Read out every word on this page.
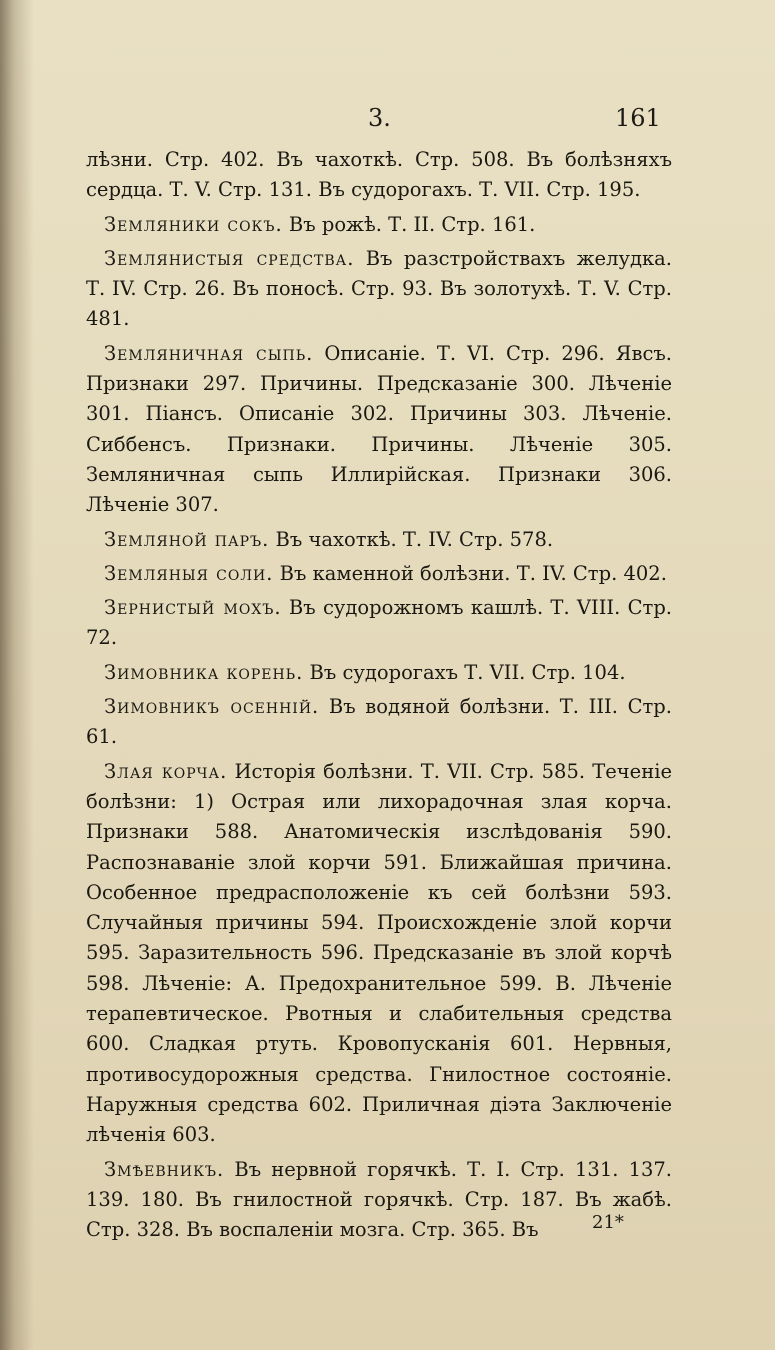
3.	161

лѣзни. Стр. 402. Въ чахоткѣ. Стр. 508. Въ болѣзняхъ сердца. Т. V. Стр. 131. Въ судорогахъ. Т. VII. Стр. 195.

Земляники сокъ. Въ рожѣ. Т. II. Стр. 161.

Землянистыя средства. Въ разстройствахъ желудка. Т. IV. Стр. 26. Въ поносѣ. Стр. 93. Въ золотухѣ. Т. V. Стр. 481.

Земляничная сыпь. Описаніе. Т. VI. Стр. 296. Явсъ. Признаки 297. Причины. Предсказаніе 300. Лѣченіе 301. Піансъ. Описаніе 302. Причины 303. Лѣченіе. Сиббенсъ. Признаки. Причины. Лѣченіе 305. Земляничная сыпь Иллирійская. Признаки 306. Лѣченіе 307.

Земляной паръ. Въ чахоткѣ. Т. IV. Стр. 578.

Земляныя соли. Въ каменной болѣзни. Т. IV. Стр. 402.

Зернистый мохъ. Въ судорожномъ кашлѣ. Т. VIII. Стр. 72.

Зимовника корень. Въ судорогахъ Т. VII. Стр. 104.

Зимовникъ осенній. Въ водяной болѣзни. Т. III. Стр. 61.

Злая корча. Исторія болѣзни. Т. VII. Стр. 585. Теченіе болѣзни: 1) Острая или лихорадочная злая корча. Признаки 588. Анатомическія изслѣдованія 590. Распознаваніе злой корчи 591. Ближайшая причина. Особенное предрасположеніе къ сей болѣзни 593. Случайныя причины 594. Происхожденіе злой корчи 595. Заразительность 596. Предсказаніе въ злой корчѣ 598. Лѣченіе: А. Предохранительное 599. В. Лѣченіе терапевтическое. Рвотныя и слабительныя средства 600. Сладкая ртуть. Кровопусканія 601. Нервныя, противосудорожныя средства. Гнилостное состояніе. Наружныя средства 602. Приличная діэта Заключеніе лѣченія 603.

Змѣевникъ. Въ нервной горячкѣ. Т. I. Стр. 131. 137. 139. 180. Въ гнилостной горячкѣ. Стр. 187. Въ жабѣ. Стр. 328. Въ воспаленіи мозга. Стр. 365. Въ	21*
